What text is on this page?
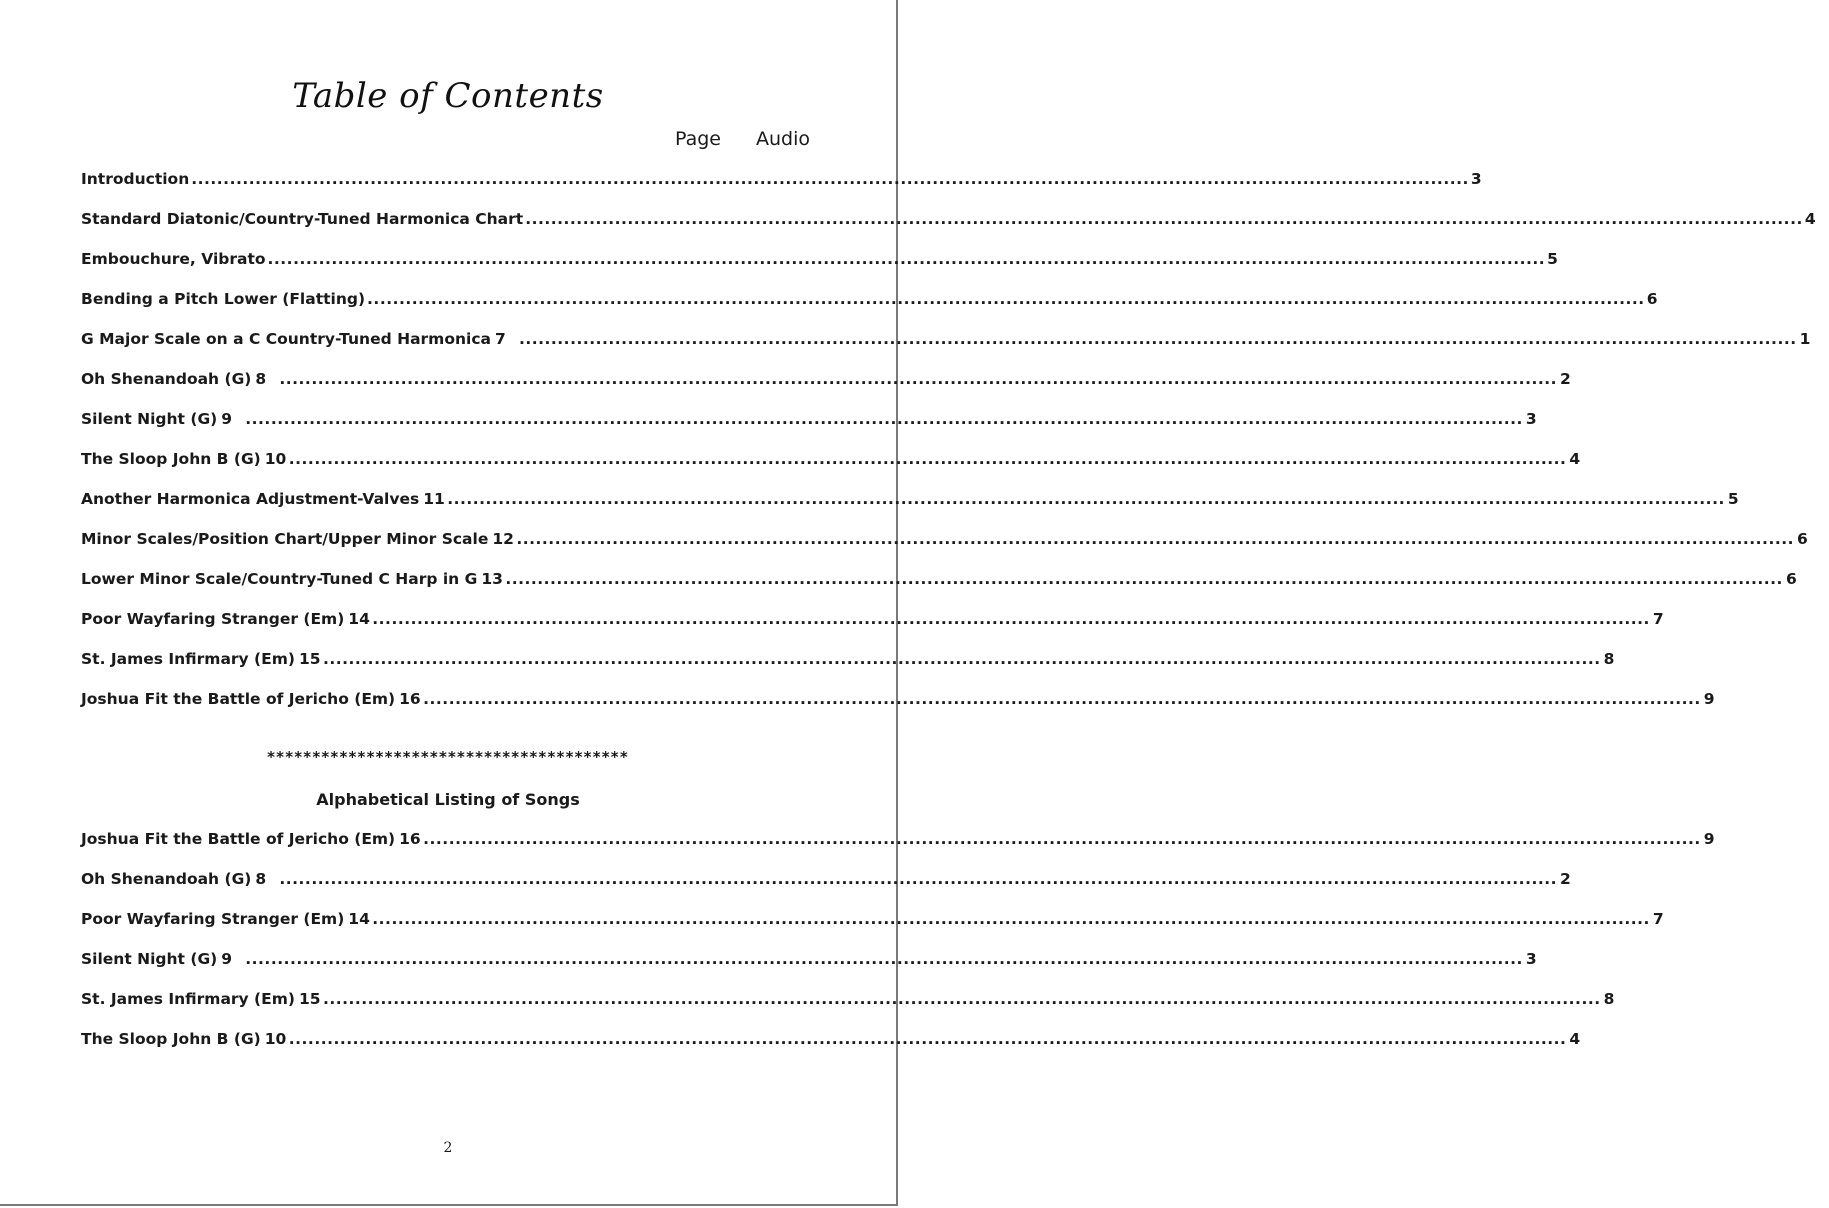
Table of Contents
Page Audio
Introduction ........................................................................................................................................................................................................ 3
Standard Diatonic/Country-Tuned Harmonica Chart ........................................................................................................................................................................................................ 4
Embouchure, Vibrato ........................................................................................................................................................................................................ 5
Bending a Pitch Lower (Flatting) ........................................................................................................................................................................................................ 6
G Major Scale on a C Country-Tuned Harmonica 7 ........................................................................................................................................................................................................ 1
Oh Shenandoah (G) 8 ........................................................................................................................................................................................................ 2
Silent Night (G) 9 ........................................................................................................................................................................................................ 3
The Sloop John B (G) 10 ........................................................................................................................................................................................................ 4
Another Harmonica Adjustment-Valves 11 ........................................................................................................................................................................................................ 5
Minor Scales/Position Chart/Upper Minor Scale 12 ........................................................................................................................................................................................................ 6
Lower Minor Scale/Country-Tuned C Harp in G 13 ........................................................................................................................................................................................................ 6
Poor Wayfaring Stranger (Em) 14 ........................................................................................................................................................................................................ 7
St. James Infirmary (Em) 15 ........................................................................................................................................................................................................ 8
Joshua Fit the Battle of Jericho (Em) 16 ........................................................................................................................................................................................................ 9
****************************************
Alphabetical Listing of Songs
Joshua Fit the Battle of Jericho (Em) 16 ........................................................................................................................................................................................................ 9
Oh Shenandoah (G) 8 ........................................................................................................................................................................................................ 2
Poor Wayfaring Stranger (Em) 14 ........................................................................................................................................................................................................ 7
Silent Night (G) 9 ........................................................................................................................................................................................................ 3
St. James Infirmary (Em) 15 ........................................................................................................................................................................................................ 8
The Sloop John B (G) 10 ........................................................................................................................................................................................................ 4
2
